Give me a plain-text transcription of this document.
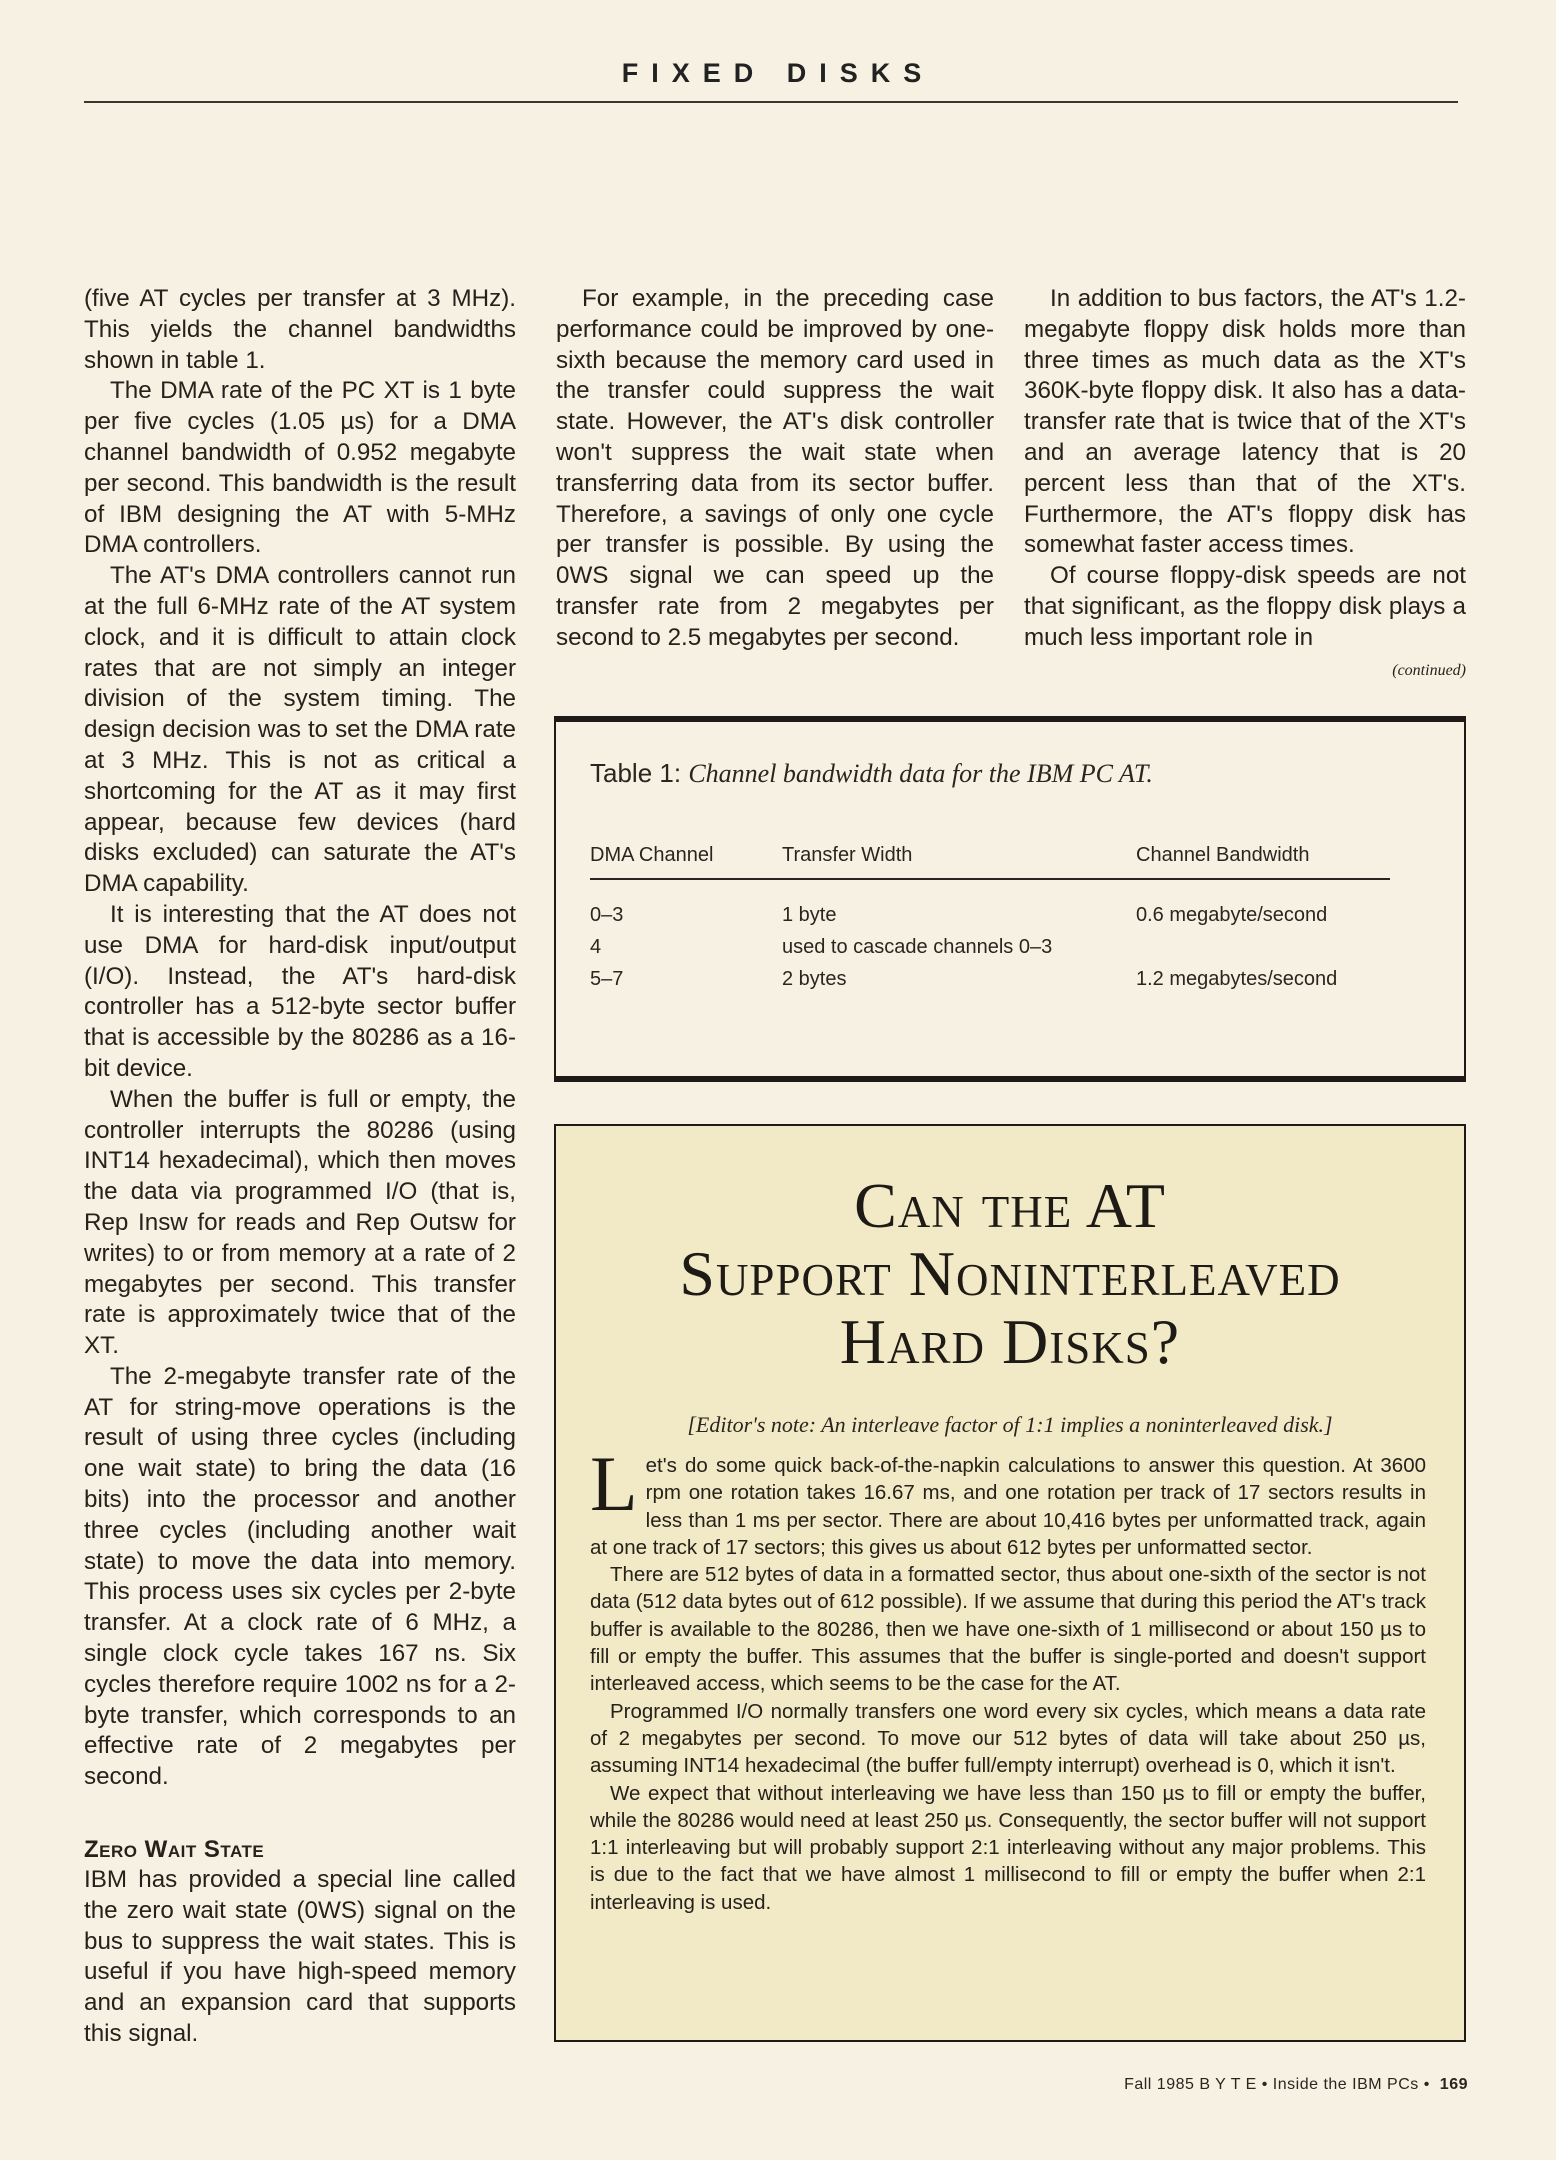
FIXED DISKS

(five AT cycles per transfer at 3 MHz). This yields the channel bandwidths shown in table 1.

The DMA rate of the PC XT is 1 byte per five cycles (1.05 µs) for a DMA channel bandwidth of 0.952 megabyte per second. This bandwidth is the result of IBM designing the AT with 5-MHz DMA controllers.

The AT's DMA controllers cannot run at the full 6-MHz rate of the AT system clock, and it is difficult to attain clock rates that are not simply an integer division of the system timing. The design decision was to set the DMA rate at 3 MHz. This is not as critical a shortcoming for the AT as it may first appear, because few devices (hard disks excluded) can saturate the AT's DMA capability.

It is interesting that the AT does not use DMA for hard-disk input/output (I/O). Instead, the AT's hard-disk controller has a 512-byte sector buffer that is accessible by the 80286 as a 16-bit device.

When the buffer is full or empty, the controller interrupts the 80286 (using INT14 hexadecimal), which then moves the data via programmed I/O (that is, Rep Insw for reads and Rep Outsw for writes) to or from memory at a rate of 2 megabytes per second. This transfer rate is approximately twice that of the XT.

The 2-megabyte transfer rate of the AT for string-move operations is the result of using three cycles (including one wait state) to bring the data (16 bits) into the processor and another three cycles (including another wait state) to move the data into memory. This process uses six cycles per 2-byte transfer. At a clock rate of 6 MHz, a single clock cycle takes 167 ns. Six cycles therefore require 1002 ns for a 2-byte transfer, which corresponds to an effective rate of 2 megabytes per second.

Zero Wait State

IBM has provided a special line called the zero wait state (0WS) signal on the bus to suppress the wait states. This is useful if you have high-speed memory and an expansion card that supports this signal.

For example, in the preceding case performance could be improved by one-sixth because the memory card used in the transfer could suppress the wait state. However, the AT's disk controller won't suppress the wait state when transferring data from its sector buffer. Therefore, a savings of only one cycle per transfer is possible. By using the 0WS signal we can speed up the transfer rate from 2 megabytes per second to 2.5 megabytes per second.

In addition to bus factors, the AT's 1.2-megabyte floppy disk holds more than three times as much data as the XT's 360K-byte floppy disk. It also has a data-transfer rate that is twice that of the XT's and an average latency that is 20 percent less than that of the XT's. Furthermore, the AT's floppy disk has somewhat faster access times.

Of course floppy-disk speeds are not that significant, as the floppy disk plays a much less important role in

(continued)
Table 1: Channel bandwidth data for the IBM PC AT.
DMA Channel	Transfer Width	Channel Bandwidth
0–3	1 byte	0.6 megabyte/second
4	used to cascade channels 0–3
5–7	2 bytes	1.2 megabytes/second
Can the AT
Support Noninterleaved
Hard Disks?
[Editor's note: An interleave factor of 1:1 implies a noninterleaved disk.]

Let's do some quick back-of-the-napkin calculations to answer this question. At 3600 rpm one rotation takes 16.67 ms, and one rotation per track of 17 sectors results in less than 1 ms per sector. There are about 10,416 bytes per unformatted track, again at one track of 17 sectors; this gives us about 612 bytes per unformatted sector.

There are 512 bytes of data in a formatted sector, thus about one-sixth of the sector is not data (512 data bytes out of 612 possible). If we assume that during this period the AT's track buffer is available to the 80286, then we have one-sixth of 1 millisecond or about 150 µs to fill or empty the buffer. This assumes that the buffer is single-ported and doesn't support interleaved access, which seems to be the case for the AT.

Programmed I/O normally transfers one word every six cycles, which means a data rate of 2 megabytes per second. To move our 512 bytes of data will take about 250 µs, assuming INT14 hexadecimal (the buffer full/empty interrupt) overhead is 0, which it isn't.

We expect that without interleaving we have less than 150 µs to fill or empty the buffer, while the 80286 would need at least 250 µs. Consequently, the sector buffer will not support 1:1 interleaving but will probably support 2:1 interleaving without any major problems. This is due to the fact that we have almost 1 millisecond to fill or empty the buffer when 2:1 interleaving is used.

Fall 1985 B Y T E • Inside the IBM PCs • 169
